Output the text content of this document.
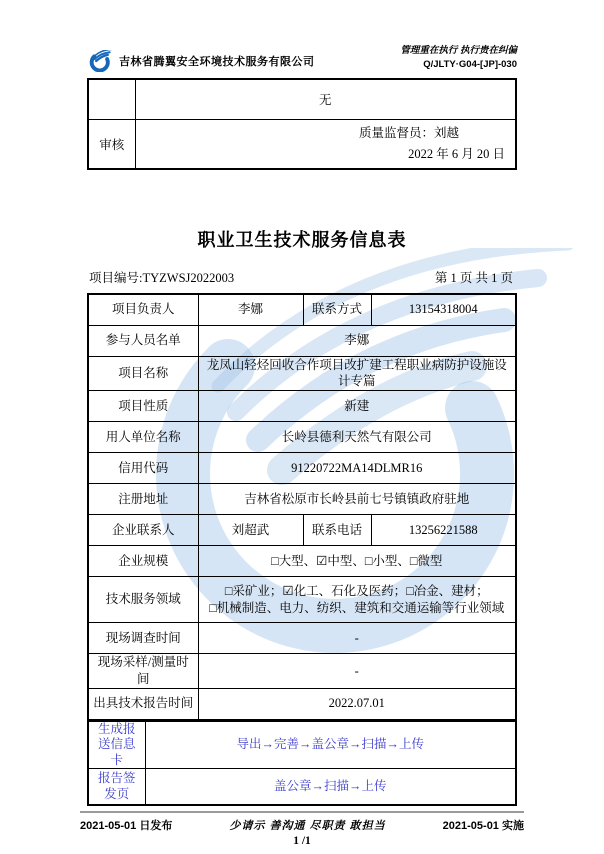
吉林省腾翼安全环境技术服务有限公司
管理重在执行 执行贵在纠偏
Q/JLTY·G04-[JP]-030
	无
审核	质量监督员：刘越
2022 年 6 月 20 日
职业卫生技术服务信息表
项目编号:TYZWSJ2022003	第 1 页 共 1 页
项目负责人	李娜	联系方式	13154318004
参与人员名单	李娜		
项目名称	龙凤山轻烃回收合作项目改扩建工程职业病防护设施设计专篇		
项目性质	新建		
用人单位名称	长岭县德利天然气有限公司		
信用代码	91220722MA14DLMR16		
注册地址	吉林省松原市长岭县前七号镇镇政府驻地		
企业联系人	刘超武	联系电话	13256221588
企业规模	□大型、☑中型、□小型、□微型		
技术服务领域	□采矿业；☑化工、石化及医药；□冶金、建材；
□机械制造、电力、纺织、建筑和交通运输等行业领域		

现场调查时间	-		
现场采样/测量时间	-		
出具技术报告时间	2022.07.01		
生成报送信息卡	导出→完善→盖公章→扫描→上传
报告签发页	盖公章→扫描→上传
2021-05-01 日发布	少请示 善沟通 尽职责 敢担当	2021-05-01 实施
1 /1
